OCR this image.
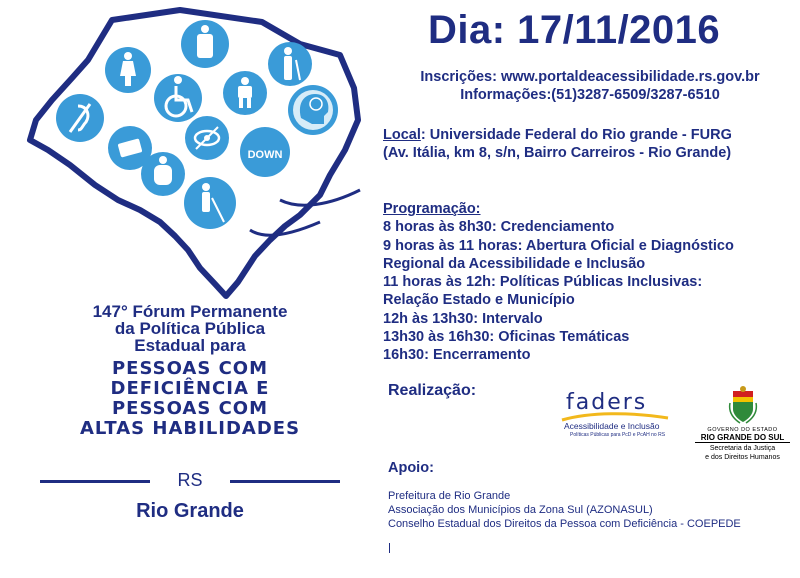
DOWN
147° Fórum Permanente
da Política Pública
Estadual para
PESSOAS COM
DEFICIÊNCIA E
PESSOAS COM
ALTAS HABILIDADES
RS
Rio Grande
Dia: 17/11/2016
Inscrições: www.portaldeacessibilidade.rs.gov.br
Informações:(51)3287-6509/3287-6510
Local: Universidade Federal do Rio grande - FURG
(Av. Itália, km 8, s/n, Bairro Carreiros - Rio Grande)
Programação:
8 horas às 8h30: Credenciamento
9 horas às 11 horas: Abertura Oficial e Diagnóstico
Regional da Acessibilidade e Inclusão
11 horas às 12h: Políticas Públicas Inclusivas:
Relação Estado e Município
12h às 13h30: Intervalo
13h30 às 16h30: Oficinas Temáticas
16h30: Encerramento
Realização:	faders
Acessibilidade e Inclusão
Políticas Públicas para PcD e PcAH no RS
GOVERNO DO ESTADO
RIO GRANDE DO SUL
Secretaria da Justiça
e dos Direitos Humanos
Apoio:
Prefeitura de Rio Grande
Associação dos Municípios da Zona Sul (AZONASUL)
Conselho Estadual dos Direitos da Pessoa com Deficiência - COEPEDE
